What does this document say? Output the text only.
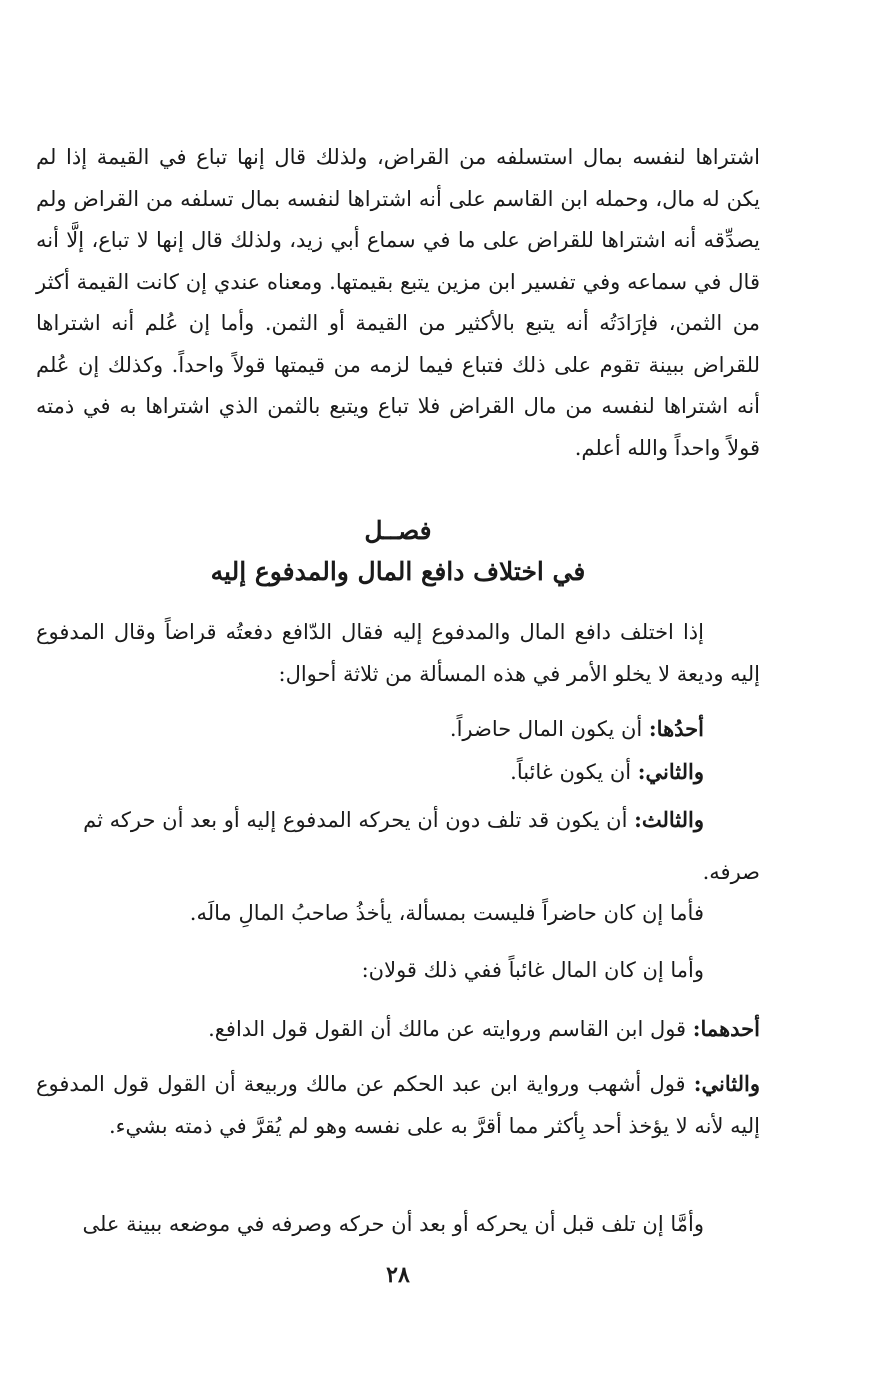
اشتراها لنفسه بمال استسلفه من القراض، ولذلك قال إنها تباع في القيمة إذا لم يكن له مال، وحمله ابن القاسم على أنه اشتراها لنفسه بمال تسلفه من القراض ولم يصدِّقه أنه اشتراها للقراض على ما في سماع أبي زيد، ولذلك قال إنها لا تباع، إلَّا أنه قال في سماعه وفي تفسير ابن مزين يتبع بقيمتها. ومعناه عندي إن كانت القيمة أكثر من الثمن، فإرَادَتُه أنه يتبع بالأكثير من القيمة أو الثمن. وأما إن عُلم أنه اشتراها للقراض ببينة تقوم على ذلك فتباع فيما لزمه من قيمتها قولاً واحداً. وكذلك إن عُلم أنه اشتراها لنفسه من مال القراض فلا تباع ويتبع بالثمن الذي اشتراها به في ذمته قولاً واحداً والله أعلم.

فصــل
في اختلاف دافع المال والمدفوع إليه

إذا اختلف دافع المال والمدفوع إليه فقال الدّافع دفعتُه قراضاً وقال المدفوع إليه وديعة لا يخلو الأمر في هذه المسألة من ثلاثة أحوال:

أحدُها: أن يكون المال حاضراً.

والثاني: أن يكون غائباً.

والثالث: أن يكون قد تلف دون أن يحركه المدفوع إليه أو بعد أن حركه ثم صرفه.

فأما إن كان حاضراً فليست بمسألة، يأخذُ صاحبُ المالِ مالَه.

وأما إن كان المال غائباً ففي ذلك قولان:

أحدهما: قول ابن القاسم وروايته عن مالك أن القول قول الدافع.

والثاني: قول أشهب ورواية ابن عبد الحكم عن مالك وربيعة أن القول قول المدفوع إليه لأنه لا يؤخذ أحد بِأكثر مما أقرَّ به على نفسه وهو لم يُقرَّ في ذمته بشيء.

وأمَّا إن تلف قبل أن يحركه أو بعد أن حركه وصرفه في موضعه ببينة على

٢٨
